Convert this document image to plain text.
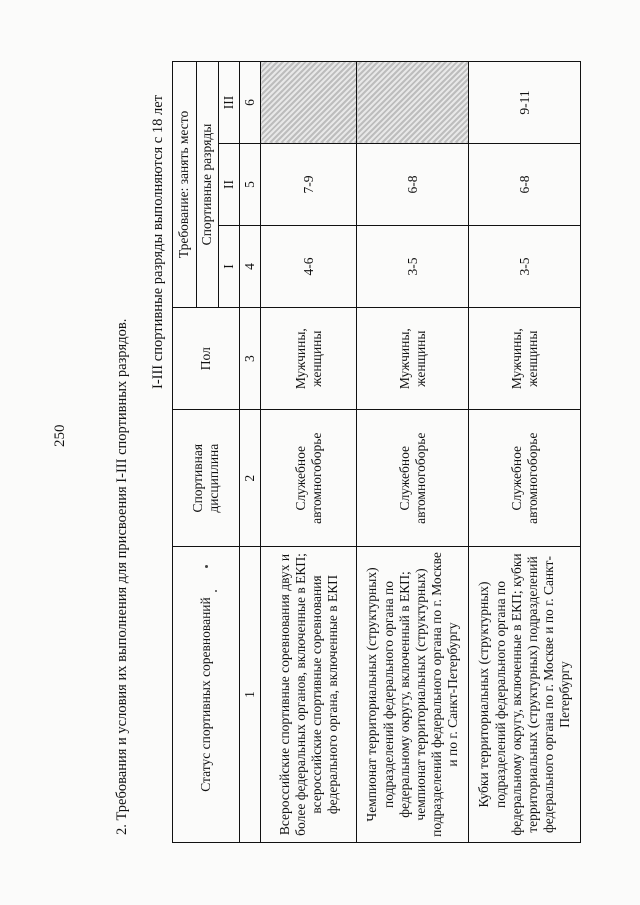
250	2. Требования и условия их выполнения для присвоения I-III спортивных разрядов.
I-III спортивные разряды выполняются с 18 лет
Статус спортивных соревнований	Спортивная дисциплина	Пол	Требование: занять место		
			Спортивные разряды		
			I	II	III
1	2	3	4	5	6
Всероссийские спортивные соревнования двух и более федеральных органов, включенные в ЕКП; всероссийские спортивные соревнования федерального органа, включенные в ЕКП	Служебное автомногоборье	Мужчины, женщины	4-6	7-9	
Чемпионат территориальных (структурных) подразделений федерального органа по федеральному округу, включенный в ЕКП; чемпионат территориальных (структурных) подразделений федерального органа по г. Москве и по г. Санкт-Петербургу	Служебное автомногоборье	Мужчины, женщины	3-5	6-8	
Кубки территориальных (структурных) подразделений федерального органа по федеральному округу, включенные в ЕКП; кубки территориальных (структурных) подразделений федерального органа по г. Москве и по г. Санкт-Петербургу	Служебное автомногоборье	Мужчины, женщины	3-5	6-8	9-11
